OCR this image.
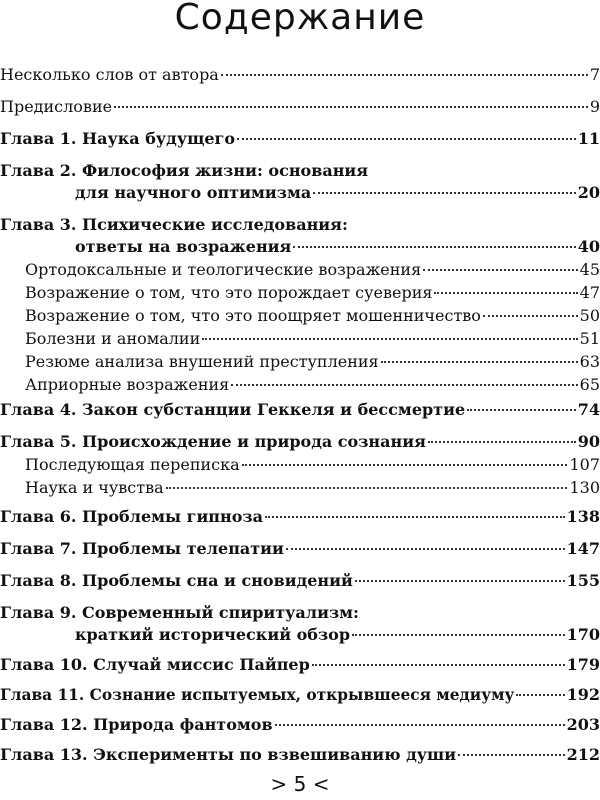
Содержание
Несколько слов от автора	7
Предисловие	9
Глава 1. Наука будущего	11
Глава 2. Философия жизни: основания
для научного оптимизма	20
Глава 3. Психические исследования:
ответы на возражения	40
Ортодоксальные и теологические возражения	45
Возражение о том, что это порождает суеверия	47
Возражение о том, что это поощряет мошенничество	50
Болезни и аномалии	51
Резюме анализа внушений преступления	63
Априорные возражения	65
Глава 4. Закон субстанции Геккеля и бессмертие	74
Глава 5. Происхождение и природа сознания	90
Последующая переписка	107
Наука и чувства	130
Глава 6. Проблемы гипноза	138
Глава 7. Проблемы телепатии	147
Глава 8. Проблемы сна и сновидений	155
Глава 9. Современный спиритуализм:
краткий исторический обзор	170
Глава 10. Случай миссис Пайпер	179
Глава 11. Сознание испытуемых, открывшееся медиуму	192
Глава 12. Природа фантомов	203
Глава 13. Эксперименты по взвешиванию души	212
> 5 <
